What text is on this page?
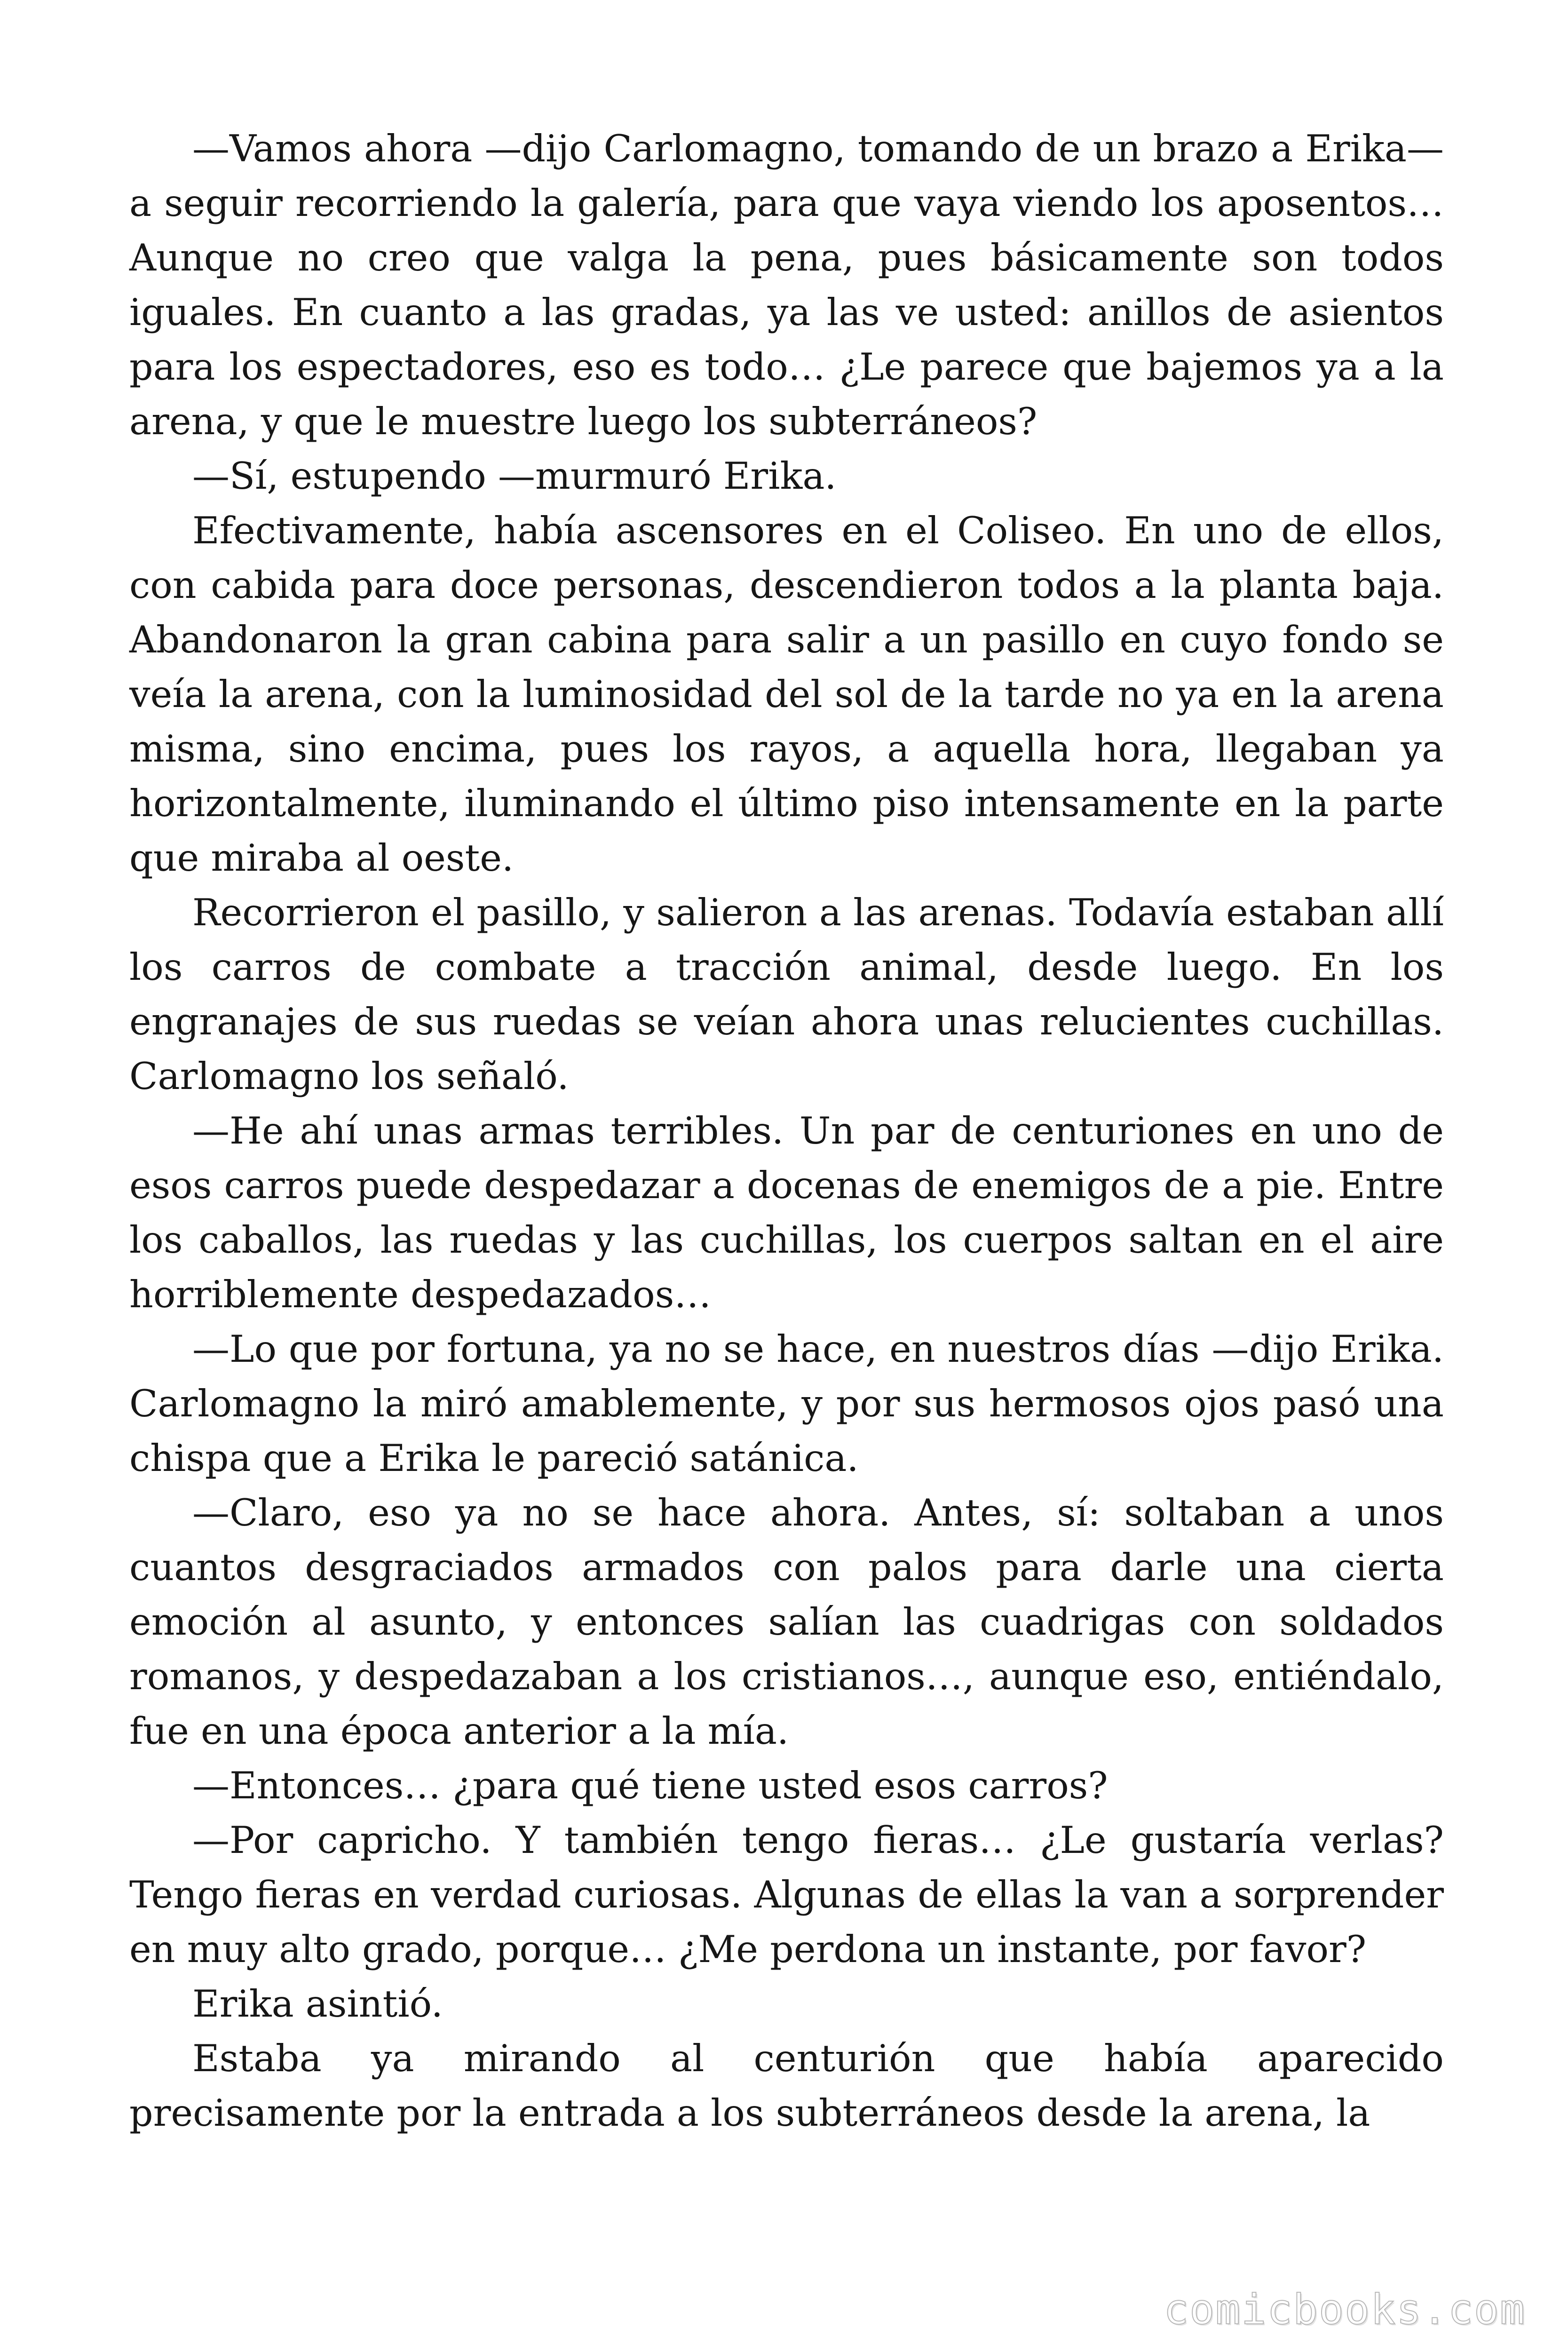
—Vamos ahora —dijo Carlomagno, tomando de un brazo a Erika— a seguir recorriendo la galería, para que vaya viendo los aposentos… Aunque no creo que valga la pena, pues básicamente son todos iguales. En cuanto a las gradas, ya las ve usted: anillos de asientos para los espectadores, eso es todo… ¿Le parece que bajemos ya a la arena, y que le muestre luego los subterráneos?

—Sí, estupendo —murmuró Erika.

Efectivamente, había ascensores en el Coliseo. En uno de ellos, con cabida para doce personas, descendieron todos a la planta baja. Abandonaron la gran cabina para salir a un pasillo en cuyo fondo se veía la arena, con la luminosidad del sol de la tarde no ya en la arena misma, sino encima, pues los rayos, a aquella hora, llegaban ya horizontalmente, iluminando el último piso intensamente en la parte que miraba al oeste.

Recorrieron el pasillo, y salieron a las arenas. Todavía estaban allí los carros de combate a tracción animal, desde luego. En los engranajes de sus ruedas se veían ahora unas relucientes cuchillas. Carlomagno los señaló.

—He ahí unas armas terribles. Un par de centuriones en uno de esos carros puede despedazar a docenas de enemigos de a pie. Entre los caballos, las ruedas y las cuchillas, los cuerpos saltan en el aire horriblemente despedazados…

—Lo que por fortuna, ya no se hace, en nuestros días —dijo Erika. Carlomagno la miró amablemente, y por sus hermosos ojos pasó una chispa que a Erika le pareció satánica.

—Claro, eso ya no se hace ahora. Antes, sí: soltaban a unos cuantos desgraciados armados con palos para darle una cierta emoción al asunto, y entonces salían las cuadrigas con soldados romanos, y despedazaban a los cristianos…, aunque eso, entiéndalo, fue en una época anterior a la mía.

—Entonces… ¿para qué tiene usted esos carros?

—Por capricho. Y también tengo fieras… ¿Le gustaría verlas? Tengo fieras en verdad curiosas. Algunas de ellas la van a sorprender en muy alto grado, porque… ¿Me perdona un instante, por favor?

Erika asintió.

Estaba ya mirando al centurión que había aparecido precisamente por la entrada a los subterráneos desde la arena, la

comicbooks.com
